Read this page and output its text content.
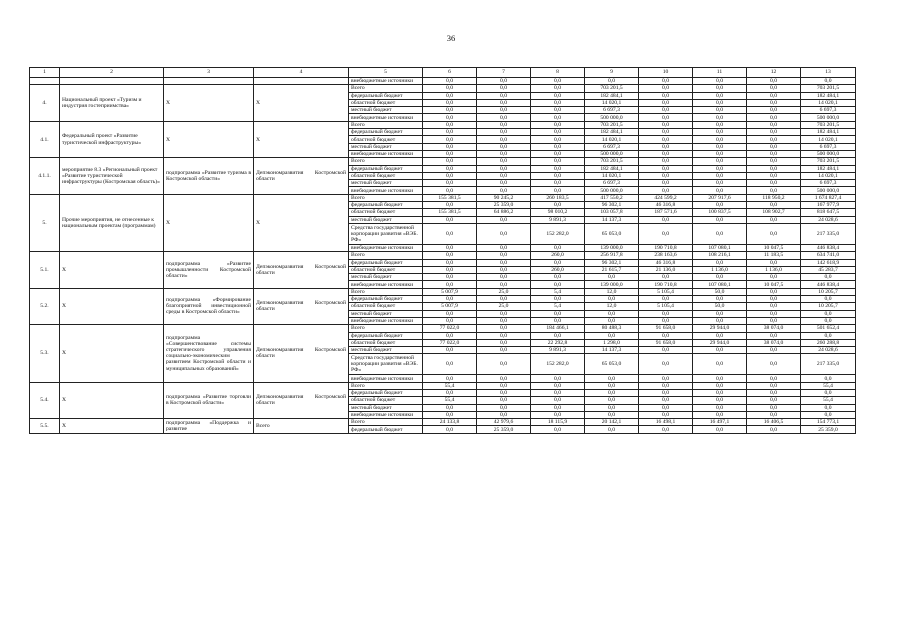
36
1	2	3	4	5	6	7	8	9	10	11	12	13
				внебюджетные источники	0,0	0,0	0,0	0,0	0,0	0,0	0,0	0,0
4.	Национальный проект «Туризм и индустрия гостеприимства»	Х	Х	Всего	0,0	0,0	0,0	703 201,5	0,0	0,0	0,0	703 201,5
				федеральный бюджет	0,0	0,0	0,0	182 484,1	0,0	0,0	0,0	182 484,1
				областной бюджет	0,0	0,0	0,0	14 020,1	0,0	0,0	0,0	14 020,1
				местный бюджет	0,0	0,0	0,0	6 697,3	0,0	0,0	0,0	6 697,3
				внебюджетные источники	0,0	0,0	0,0	500 000,0	0,0	0,0	0,0	500 000,0
4.1.	Федеральный проект «Развитие туристической инфраструктуры»	Х	Х	Всего	0,0	0,0	0,0	703 201,5	0,0	0,0	0,0	703 201,5
				федеральный бюджет	0,0	0,0	0,0	182 484,1	0,0	0,0	0,0	182 484,1
				областной бюджет	0,0	0,0	0,0	14 020,1	0,0	0,0	0,0	14 020,1
				местный бюджет	0,0	0,0	0,0	6 697,3	0,0	0,0	0,0	6 697,3
				внебюджетные источники	0,0	0,0	0,0	500 000,0	0,0	0,0	0,0	500 000,0
4.1.1.	мероприятие 8.3 «Региональный проект «Развитие туристической инфраструктуры (Костромская область)»	подпрограмма «Развитие туризма в Костромской области»	Депэкономразвития Костромской области	Всего	0,0	0,0	0,0	703 201,5	0,0	0,0	0,0	703 201,5
				федеральный бюджет	0,0	0,0	0,0	182 484,1	0,0	0,0	0,0	182 484,1
				областной бюджет	0,0	0,0	0,0	14 020,1	0,0	0,0	0,0	14 020,1
				местный бюджет	0,0	0,0	0,0	6 697,3	0,0	0,0	0,0	6 697,3
				внебюджетные источники	0,0	0,0	0,0	500 000,0	0,0	0,0	0,0	500 000,0
5.	Прочие мероприятия, не отнесенные к национальным проектам (программам)	Х	Х	Всего	155 381,5	90 245,2	260 183,5	417 550,2	424 599,2	207 917,6	118 950,2	1 674 827,4
				федеральный бюджет	0,0	25 359,0	0,0	96 302,1	46 316,8	0,0	0,0	167 977,9
				областной бюджет	155 381,5	64 886,2	98 010,2	103 057,8	187 571,6	100 837,5	108 902,7	818 647,5
				местный бюджет	0,0	0,0	9 891,3	14 137,3	0,0	0,0	0,0	24 028,6
				Средства государственной корпорации развития «ВЭБ. РФ»	0,0	0,0	152 282,0	65 053,0	0,0	0,0	0,0	217 335,0
				внебюджетные источники	0,0	0,0	0,0	139 000,0	190 710,8	107 080,1	10 047,5	446 838,4
5.1.	Х	подпрограмма «Развитие промышленности Костромской области»	Депэкономразвития Костромской области	Всего	0,0	0,0	260,0	256 917,8	238 163,6	108 216,1	11 183,5	634 741,0
				федеральный бюджет	0,0	0,0	0,0	96 302,1	46 316,8	0,0	0,0	142 618,9
				областной бюджет	0,0	0,0	260,0	21 615,7	21 136,0	1 136,0	1 136,0	45 283,7
				местный бюджет	0,0	0,0	0,0	0,0	0,0	0,0	0,0	0,0
				внебюджетные источники	0,0	0,0	0,0	139 000,0	190 710,8	107 080,1	10 047,5	446 838,4
5.2.	Х	подпрограмма «Формирование благоприятной инвестиционной среды в Костромской области»	Депэкономразвития Костромской области	Всего	5 007,9	25,0	5,4	12,0	5 105,4	50,0	0,0	10 205,7
				федеральный бюджет	0,0	0,0	0,0	0,0	0,0	0,0	0,0	0,0
				областной бюджет	5 007,9	25,0	5,4	12,0	5 105,4	50,0	0,0	10 205,7
				местный бюджет	0,0	0,0	0,0	0,0	0,0	0,0	0,0	0,0
				внебюджетные источники	0,0	0,0	0,0	0,0	0,0	0,0	0,0	0,0
5.3.	Х	подпрограмма «Совершенствование системы стратегического управления социально-экономическим развитием Костромской области и муниципальных образований»	Депэкономразвития Костромской области	Всего	77 022,0	0,0	184 466,1	80 488,3	91 658,0	29 944,0	38 074,0	501 652,4
				федеральный бюджет	0,0	0,0	0,0	0,0	0,0	0,0	0,0	0,0
				областной бюджет	77 022,0	0,0	22 292,8	1 298,0	91 658,0	29 944,0	38 074,0	260 288,8
				местный бюджет	0,0	0,0	9 891,3	14 137,3	0,0	0,0	0,0	24 028,6
				Средства государственной корпорации развития «ВЭБ. РФ»	0,0	0,0	152 282,0	65 053,0	0,0	0,0	0,0	217 335,0
				внебюджетные источники	0,0	0,0	0,0	0,0	0,0	0,0	0,0	0,0
5.4.	Х	подпрограмма «Развитие торговли в Костромской области»	Депэкономразвития Костромской области	Всего	55,4	0,0	0,0	0,0	0,0	0,0	0,0	55,4
				федеральный бюджет	0,0	0,0	0,0	0,0	0,0	0,0	0,0	0,0
				областной бюджет	55,4	0,0	0,0	0,0	0,0	0,0	0,0	55,4
				местный бюджет	0,0	0,0	0,0	0,0	0,0	0,0	0,0	0,0
				внебюджетные источники	0,0	0,0	0,0	0,0	0,0	0,0	0,0	0,0
5.5.	Х	подпрограмма «Поддержка и развитие	Всего	Всего	24 133,8	42 979,6	18 115,9	20 142,1	16 498,1	16 497,1	16 406,5	154 773,1
				федеральный бюджет	0,0	25 359,0	0,0	0,0	0,0	0,0	0,0	25 359,0
